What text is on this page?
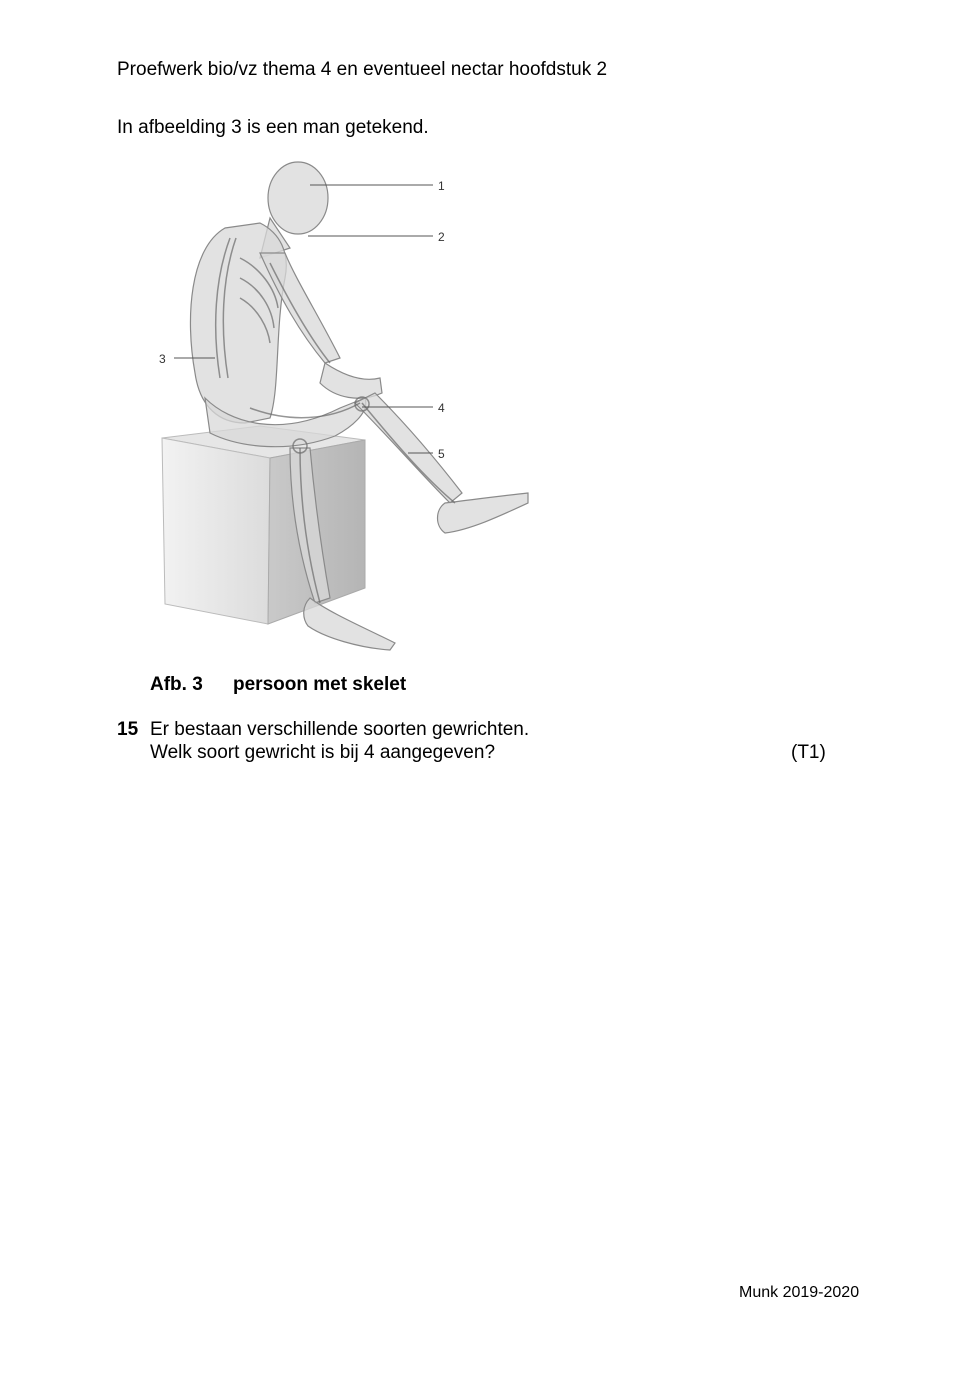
Proefwerk bio/vz thema 4 en eventueel nectar hoofdstuk 2
In afbeelding 3 is een man getekend.
1
2
3
4
5
Afb. 3 persoon met skelet
15 Er bestaan verschillende soorten gewrichten.
Welk soort gewricht is bij 4 aangegeven?	(T1)
Munk 2019-2020
